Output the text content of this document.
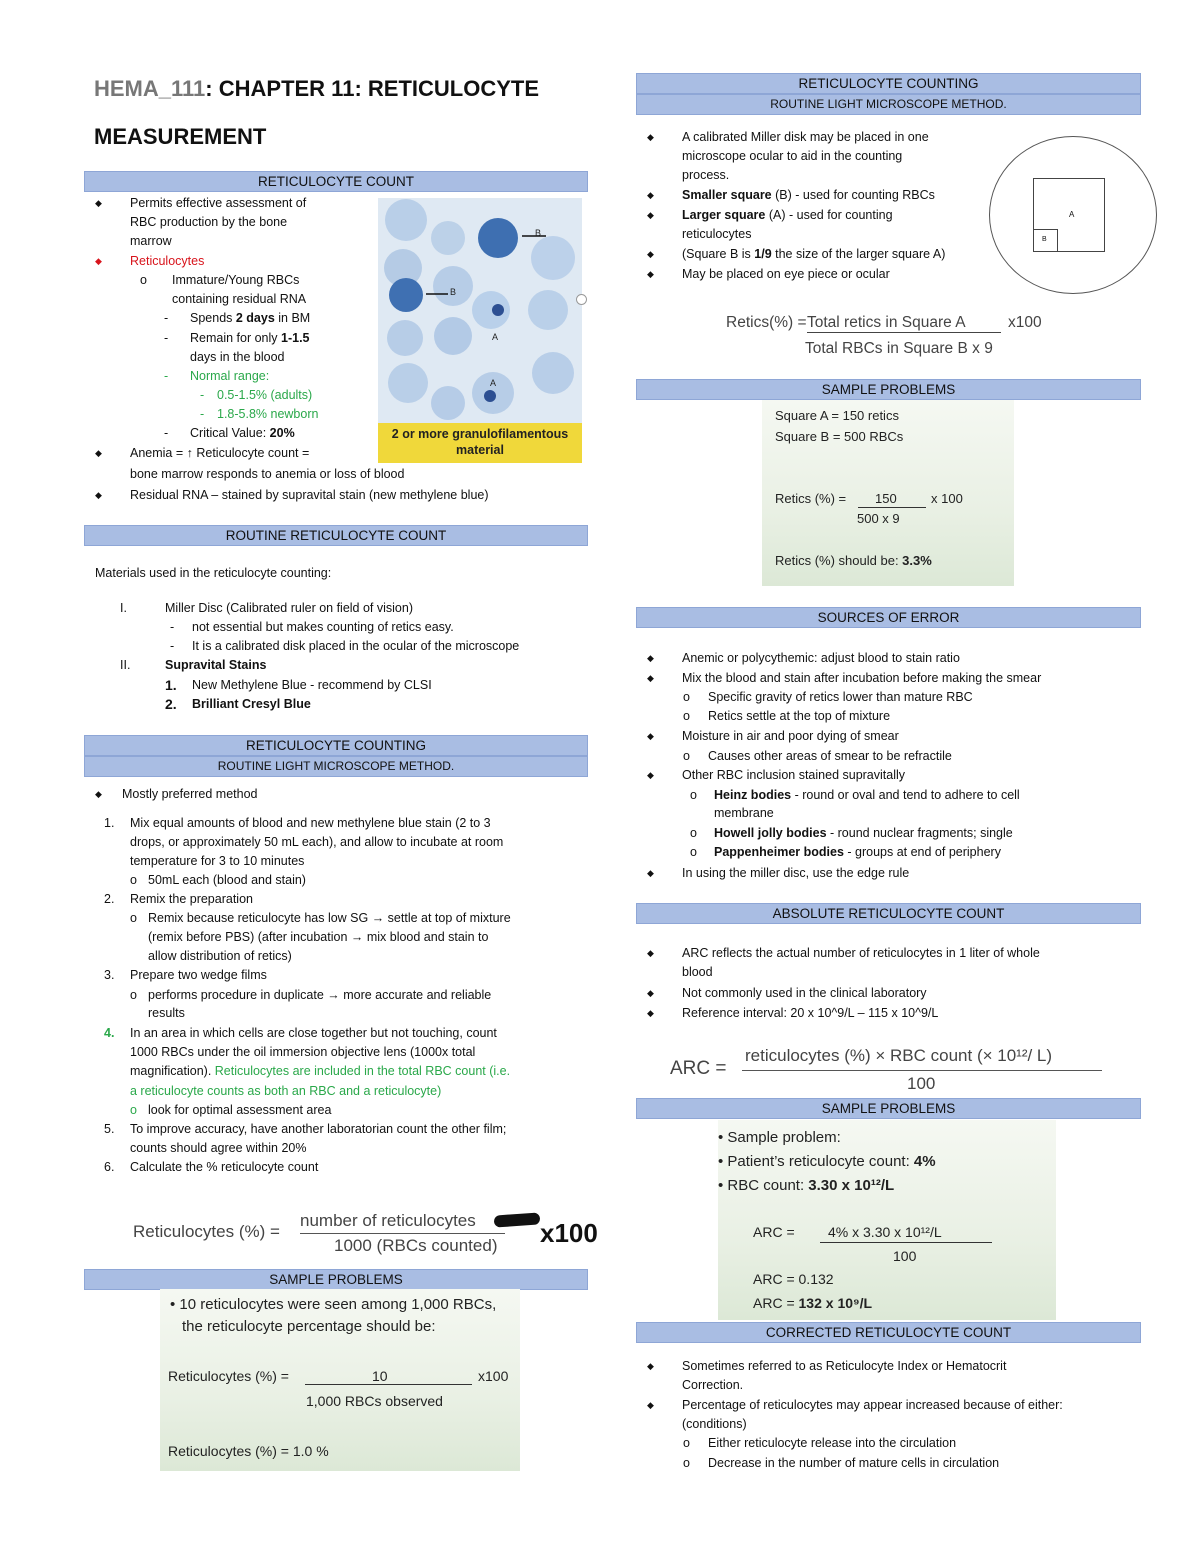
HEMA_111: CHAPTER 11: RETICULOCYTE
MEASUREMENT
RETICULOCYTE COUNT
◆ Permits effective assessment of
RBC production by the bone
marrow
◆ Reticulocytes
o Immature/Young RBCs
containing residual RNA
- Spends 2 days in BM
- Remain for only 1-1.5
days in the blood
- Normal range:
- 0.5-1.5% (adults)
- 1.8-5.8% newborn
- Critical Value: 20%
◆ Anemia = ↑ Reticulocyte count =
bone marrow responds to anemia or loss of blood
◆ Residual RNA – stained by supravital stain (new methylene blue)
B
B
A
A
2 or more granulofilamentous material
ROUTINE RETICULOCYTE COUNT
Materials used in the reticulocyte counting:
I.	Miller Disc (Calibrated ruler on field of vision)
- not essential but makes counting of retics easy.
- It is a calibrated disk placed in the ocular of the microscope
II.	Supravital Stains
1. New Methylene Blue - recommend by CLSI
2. Brilliant Cresyl Blue
RETICULOCYTE COUNTING
ROUTINE LIGHT MICROSCOPE METHOD.
◆ Mostly preferred method
1. Mix equal amounts of blood and new methylene blue stain (2 to 3
drops, or approximately 50 mL each), and allow to incubate at room
temperature for 3 to 10 minutes
o 50mL each (blood and stain)
2. Remix the preparation
o Remix because reticulocyte has low SG → settle at top of mixture
(remix before PBS) (after incubation → mix blood and stain to
allow distribution of retics)
3. Prepare two wedge films
o performs procedure in duplicate → more accurate and reliable
results
4. In an area in which cells are close together but not touching, count
1000 RBCs under the oil immersion objective lens (1000x total
magnification). Reticulocytes are included in the total RBC count (i.e.
a reticulocyte counts as both an RBC and a reticulocyte)
o look for optimal assessment area
5. To improve accuracy, have another laboratorian count the other film;
counts should agree within 20%
6. Calculate the % reticulocyte count
Reticulocytes (%) =
number of reticulocytes
1000 (RBCs counted) x100
SAMPLE PROBLEMS
• 10 reticulocytes were seen among 1,000 RBCs,
the reticulocyte percentage should be:
Reticulocytes (%) =	10	x100
1,000 RBCs observed
Reticulocytes (%) = 1.0 %
RETICULOCYTE COUNTING
ROUTINE LIGHT MICROSCOPE METHOD.
◆ A calibrated Miller disk may be placed in one
microscope ocular to aid in the counting
process.
◆ Smaller square (B) - used for counting RBCs
◆ Larger square (A) - used for counting
reticulocytes
◆ (Square B is 1/9 the size of the larger square A)
◆ May be placed on eye piece or ocular
A
B
Retics(%) = Total retics in Square A	x100
Total RBCs in Square B x 9
SAMPLE PROBLEMS
Square A = 150 retics
Square B = 500 RBCs
Retics (%) = 150	x 100
500 x 9
Retics (%) should be: 3.3%
SOURCES OF ERROR
◆ Anemic or polycythemic: adjust blood to stain ratio
◆ Mix the blood and stain after incubation before making the smear
o Specific gravity of retics lower than mature RBC
o Retics settle at the top of mixture
◆ Moisture in air and poor dying of smear
o Causes other areas of smear to be refractile
◆ Other RBC inclusion stained supravitally
o Heinz bodies - round or oval and tend to adhere to cell
membrane
o Howell jolly bodies - round nuclear fragments; single
o Pappenheimer bodies - groups at end of periphery
◆ In using the miller disc, use the edge rule
ABSOLUTE RETICULOCYTE COUNT
◆ ARC reflects the actual number of reticulocytes in 1 liter of whole
blood
◆ Not commonly used in the clinical laboratory
◆ Reference interval: 20 x 10^9/L – 115 x 10^9/L
ARC =
reticulocytes (%) × RBC count (× 10¹²/ L)
100
SAMPLE PROBLEMS
• Sample problem:
• Patient’s reticulocyte count: 4%
• RBC count: 3.30 x 10¹²/L
ARC = 4% x 3.30 x 10¹²/L
100
ARC = 0.132
ARC = 132 x 10⁹/L
CORRECTED RETICULOCYTE COUNT
◆ Sometimes referred to as Reticulocyte Index or Hematocrit
Correction.
◆ Percentage of reticulocytes may appear increased because of either:
(conditions)
o Either reticulocyte release into the circulation
o Decrease in the number of mature cells in circulation
